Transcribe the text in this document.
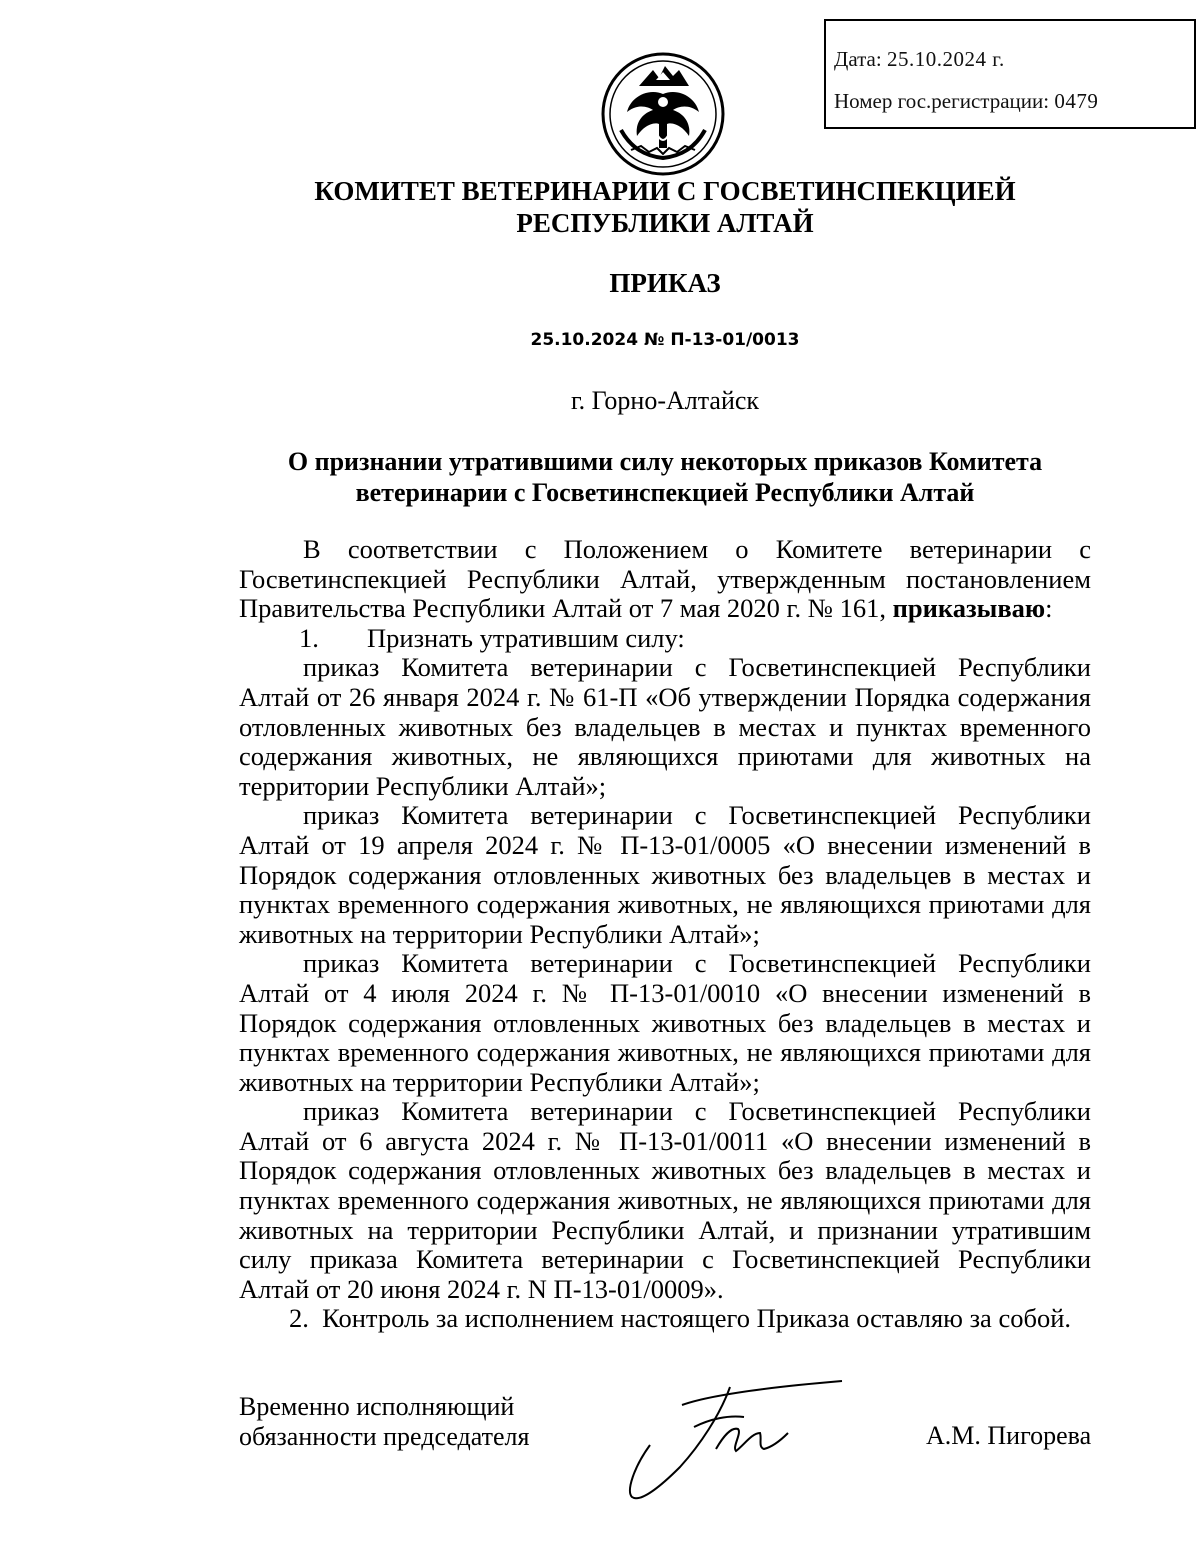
Дата: 25.10.2024 г.
Номер гос.регистрации: 0479
КОМИТЕТ ВЕТЕРИНАРИИ С ГОСВЕТИНСПЕКЦИЕЙ
РЕСПУБЛИКИ АЛТАЙ
ПРИКАЗ
25.10.2024 № П-13-01/0013
г. Горно-Алтайск
О признании утратившими силу некоторых приказов Комитета
ветеринарии с Госветинспекцией Республики Алтай

В соответствии с Положением о Комитете ветеринарии с Госветинспекцией Республики Алтай, утвержденным постановлением Правительства Республики Алтай от 7 мая 2020 г. № 161, приказываю:

1. Признать утратившим силу:

приказ Комитета ветеринарии с Госветинспекцией Республики Алтай от 26 января 2024 г. № 61-П «Об утверждении Порядка содержания отловленных животных без владельцев в местах и пунктах временного содержания животных, не являющихся приютами для животных на территории Республики Алтай»;

приказ Комитета ветеринарии с Госветинспекцией Республики Алтай от 19 апреля 2024 г. № П-13-01/0005 «О внесении изменений в Порядок содержания отловленных животных без владельцев в местах и пунктах временного содержания животных, не являющихся приютами для животных на территории Республики Алтай»;

приказ Комитета ветеринарии с Госветинспекцией Республики Алтай от 4 июля 2024 г. № П-13-01/0010 «О внесении изменений в Порядок содержания отловленных животных без владельцев в местах и пунктах временного содержания животных, не являющихся приютами для животных на территории Республики Алтай»;

приказ Комитета ветеринарии с Госветинспекцией Республики Алтай от 6 августа 2024 г. № П-13-01/0011 «О внесении изменений в Порядок содержания отловленных животных без владельцев в местах и пунктах временного содержания животных, не являющихся приютами для животных на территории Республики Алтай, и признании утратившим силу приказа Комитета ветеринарии с Госветинспекцией Республики Алтай от 20 июня 2024 г. N П-13-01/0009».

2. Контроль за исполнением настоящего Приказа оставляю за собой.

Временно исполняющий
обязанности председателя	А.М. Пигорева
